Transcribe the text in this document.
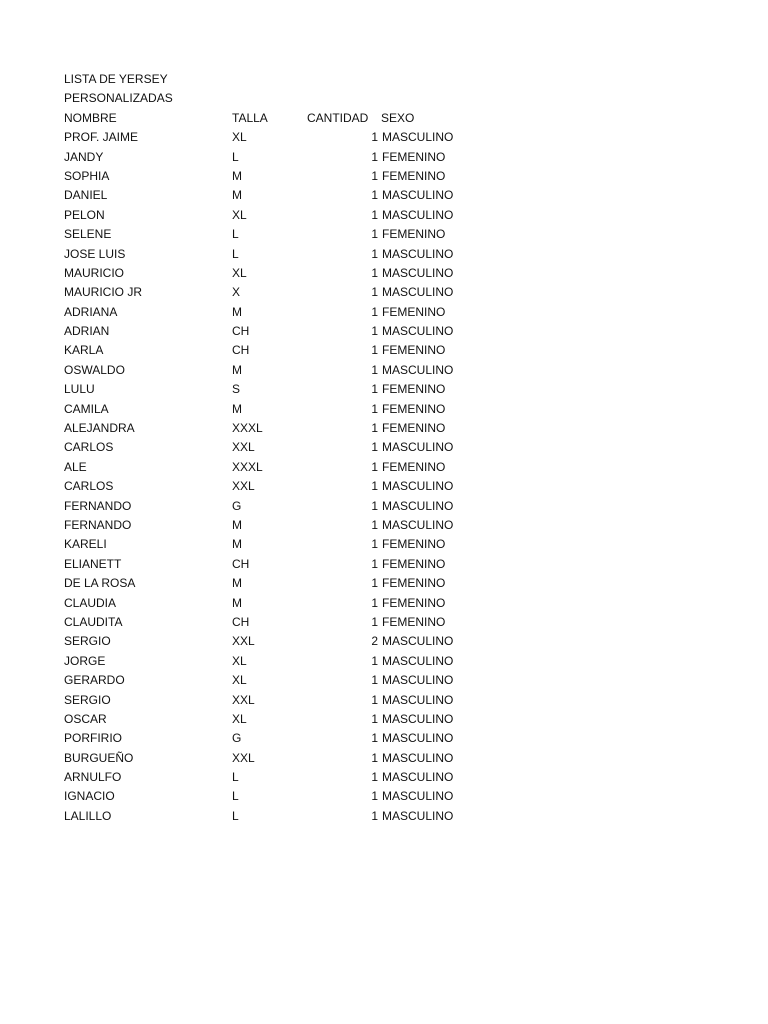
LISTA DE YERSEY
PERSONALIZADAS
NOMBRE	TALLA	CANTIDAD SEXO
PROF. JAIME	XL	1 MASCULINO
JANDY	L	1 FEMENINO
SOPHIA	M	1 FEMENINO
DANIEL	M	1 MASCULINO
PELON	XL	1 MASCULINO
SELENE	L	1 FEMENINO
JOSE LUIS	L	1 MASCULINO
MAURICIO	XL	1 MASCULINO
MAURICIO JR	X	1 MASCULINO
ADRIANA	M	1 FEMENINO
ADRIAN	CH	1 MASCULINO
KARLA	CH	1 FEMENINO
OSWALDO	M	1 MASCULINO
LULU	S	1 FEMENINO
CAMILA	M	1 FEMENINO
ALEJANDRA	XXXL	1 FEMENINO
CARLOS	XXL	1 MASCULINO
ALE	XXXL	1 FEMENINO
CARLOS	XXL	1 MASCULINO
FERNANDO	G	1 MASCULINO
FERNANDO	M	1 MASCULINO
KARELI	M	1 FEMENINO
ELIANETT	CH	1 FEMENINO
DE LA ROSA	M	1 FEMENINO
CLAUDIA	M	1 FEMENINO
CLAUDITA	CH	1 FEMENINO
SERGIO	XXL	2 MASCULINO
JORGE	XL	1 MASCULINO
GERARDO	XL	1 MASCULINO
SERGIO	XXL	1 MASCULINO
OSCAR	XL	1 MASCULINO
PORFIRIO	G	1 MASCULINO
BURGUEÑO	XXL	1 MASCULINO
ARNULFO	L	1 MASCULINO
IGNACIO	L	1 MASCULINO
LALILLO	L	1 MASCULINO
